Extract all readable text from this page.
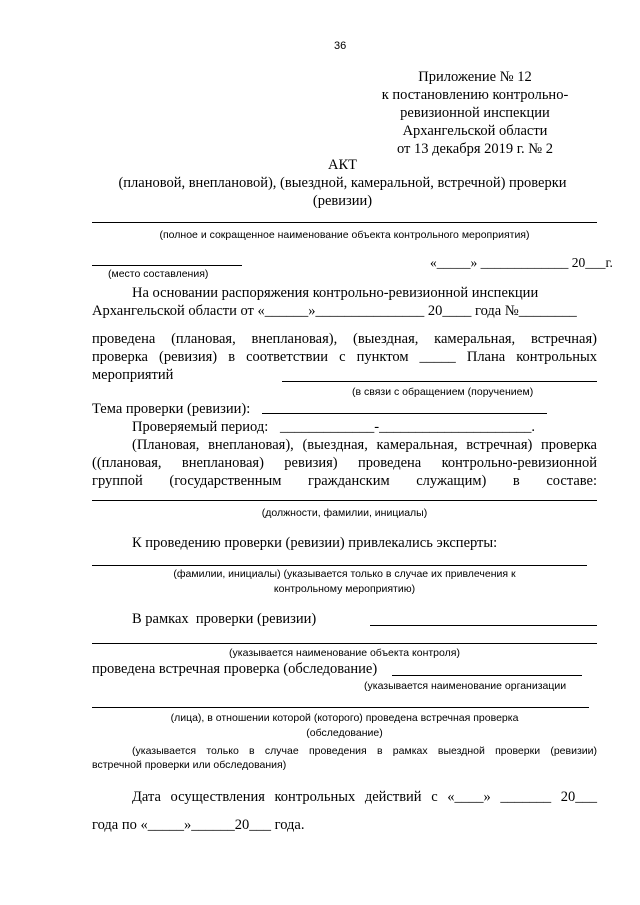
36
Приложение № 12
к постановлению контрольно-
ревизионной инспекции
Архангельской области
от 13 декабря 2019 г. № 2
АКТ
(плановой, внеплановой), (выездной, камеральной, встречной) проверки
(ревизии)
(полное и сокращенное наименование объекта контрольного мероприятия)
(место составления)
«_____» _____________ 20___г.
На основании распоряжения контрольно-ревизионной инспекции
Архангельской области от «______»_______________ 20____ года №________
проведена (плановая, внеплановая), (выездная, камеральная, встречная)
проверка (ревизия) в соответствии с пунктом _____ Плана контрольных
мероприятий
(в связи с обращением (поручением)
Тема проверки (ревизии):
Проверяемый период: _____________-_____________________.
(Плановая, внеплановая), (выездная, камеральная, встречная) проверка
((плановая, внеплановая) ревизия) проведена контрольно-ревизионной
группой (государственным гражданским служащим) в составе:
(должности, фамилии, инициалы)
К проведению проверки (ревизии) привлекались эксперты:
(фамилии, инициалы) (указывается только в случае их привлечения к
контрольному мероприятию)
В рамках  проверки (ревизии)
(указывается наименование объекта контроля)
проведена встречная проверка (обследование)
(указывается наименование организации
(лица), в отношении которой (которого) проведена встречная проверка
(обследование)
(указывается только в случае проведения в рамках выездной проверки (ревизии)
встречной проверки или обследования)
Дата осуществления контрольных действий с «____» _______ 20___
года по «_____»______20___ года.
